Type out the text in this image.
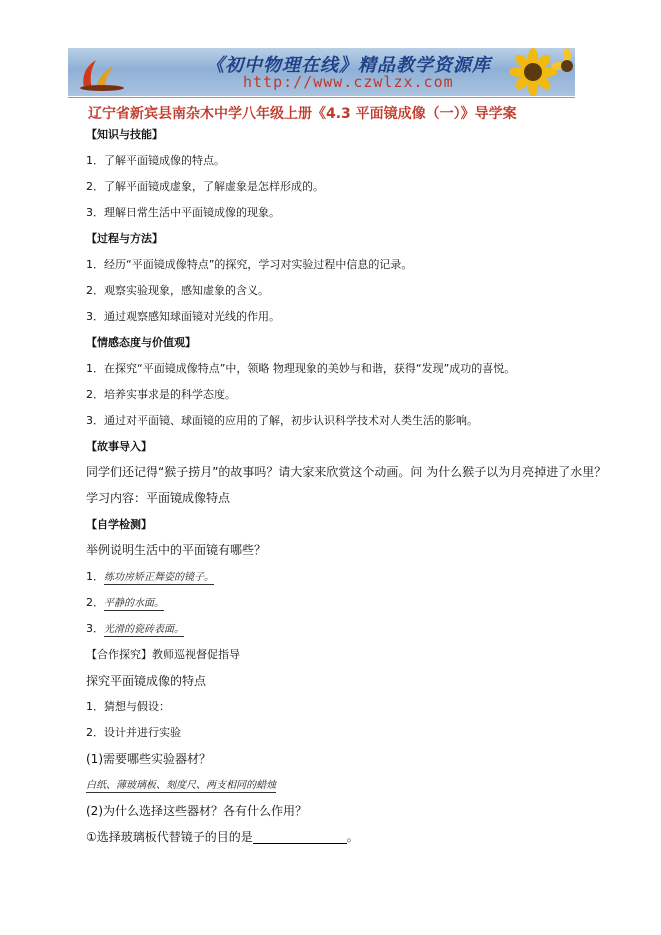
《初中物理在线》精品教学资源库
http://www.czwlzx.com
辽宁省新宾县南杂木中学八年级上册《4.3 平面镜成像（一）》导学案
【知识与技能】
1．了解平面镜成像的特点。
2．了解平面镜成虚象，了解虚象是怎样形成的。
3．理解日常生活中平面镜成像的现象。
【过程与方法】
1．经历“平面镜成像特点”的探究，学习对实验过程中信息的记录。
2．观察实验现象，感知虚象的含义。
3．通过观察感知球面镜对光线的作用。
【情感态度与价值观】
1．在探究“平面镜成像特点”中，领略 物理现象的美妙与和谐，获得“发现”成功的喜悦。
2．培养实事求是的科学态度。
3．通过对平面镜、球面镜的应用的了解，初步认识科学技术对人类生活的影响。
【故事导入】
同学们还记得“猴子捞月”的故事吗？请大家来欣赏这个动画。问 为什么猴子以为月亮掉进了水里？
学习内容：平面镜成像特点
【自学检测】
举例说明生活中的平面镜有哪些？
1．练功房矫正舞姿的镜子。
2．平静的水面。
3．光滑的瓷砖表面。
【合作探究】教师巡视督促指导
探究平面镜成像的特点
1．猜想与假设：
2．设计并进行实验
(1)需要哪些实验器材？
白纸、薄玻璃板、刻度尺、两支相同的蜡烛
(2)为什么选择这些器材？各有什么作用？
①选择玻璃板代替镜子的目的是	。
